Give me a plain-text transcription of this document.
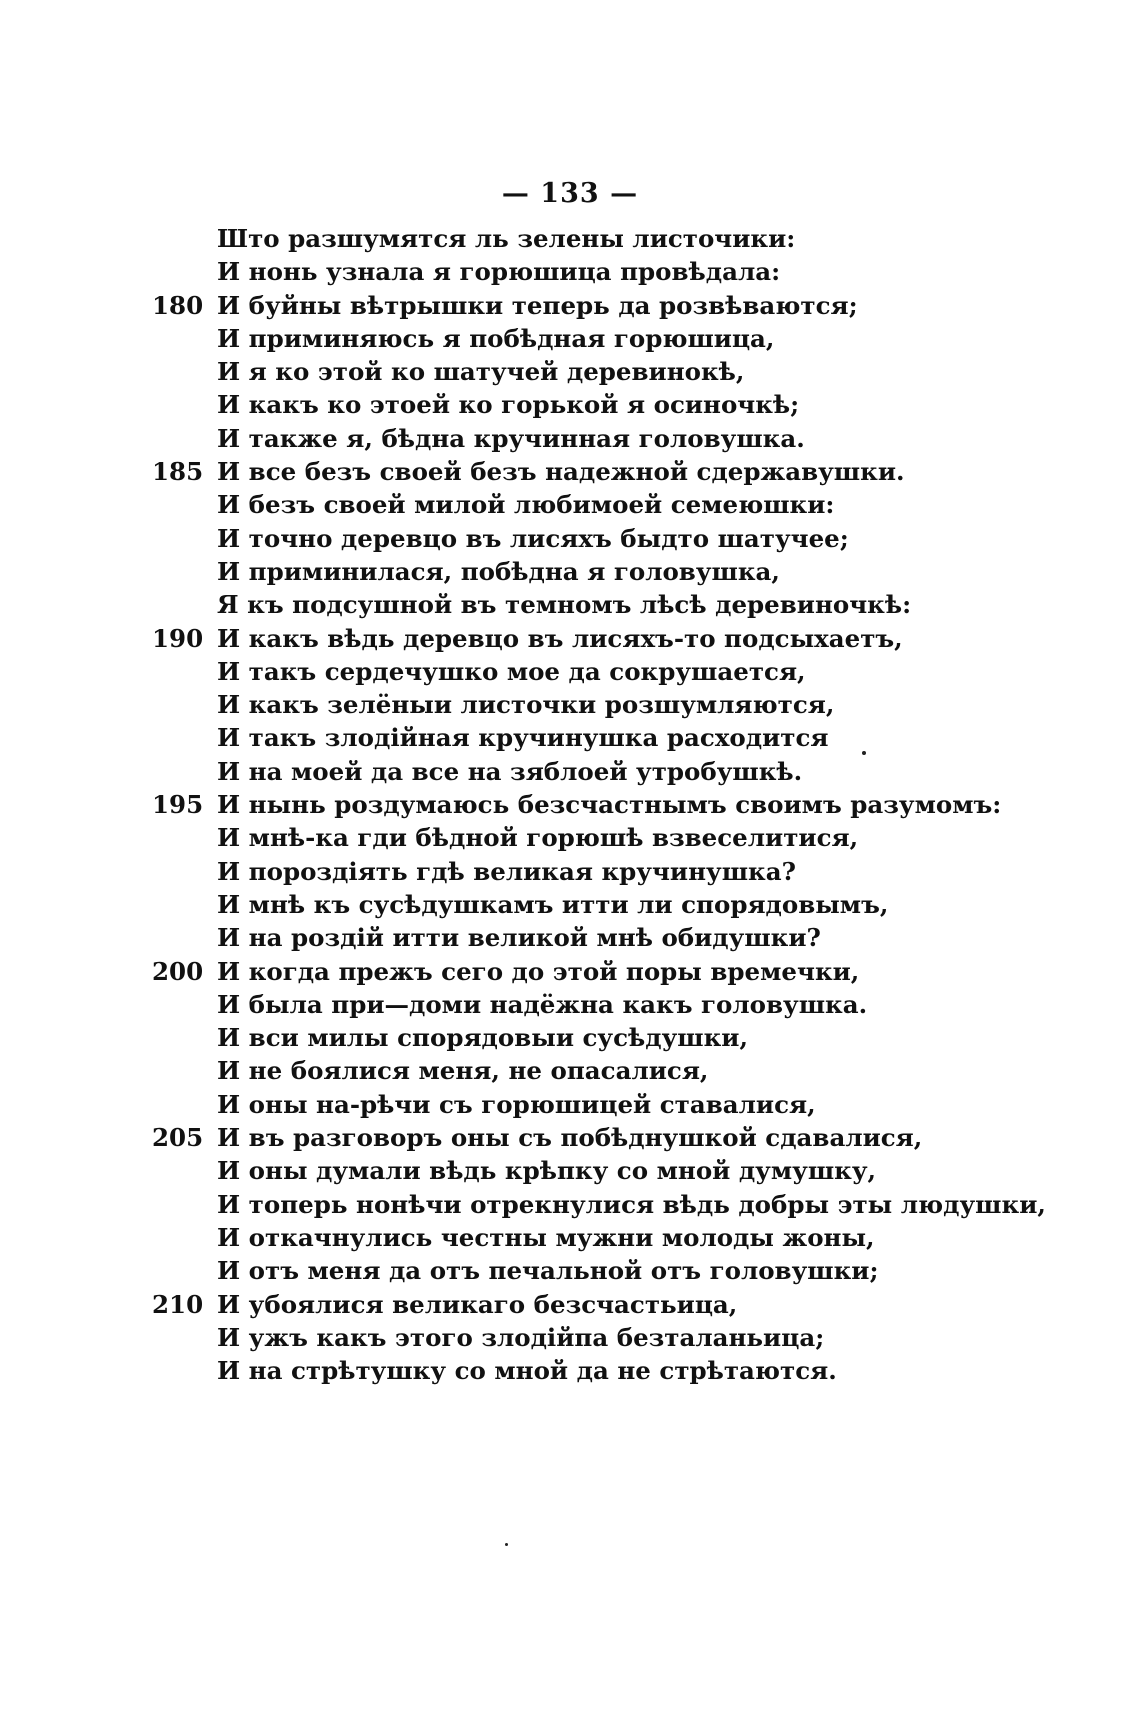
— 133 —
Што разшумятся ль зелены листочики:
И нонь узнала я горюшица провѣдала:
180 И буйны вѣтрышки теперь да розвѣваются;
И приминяюсь я побѣдная горюшица,
И я ко этой ко шатучей деревинокѣ,
И какъ ко этоей ко горькой я осиночкѣ;
И также я, бѣдна кручинная головушка.
185 И все безъ своей безъ надежной сдержавушки.
И безъ своей милой любимоей семеюшки:
И точно деревцо въ лисяхъ быдто шатучее;
И приминилася, побѣдна я головушка,
Я къ подсушной въ темномъ лѣсѣ деревиночкѣ:
190 И какъ вѣдь деревцо въ лисяхъ-то подсыхаетъ,
И такъ сердечушко мое да сокрушается,
И какъ зелёныи листочки розшумляются,
И такъ злодійная кручинушка расходится
И на моей да все на зяблоей утробушкѣ.
195 И нынь роздумаюсь безсчастнымъ своимъ разумомъ:
И мнѣ-ка гди бѣдной горюшѣ взвеселитися,
И пороздіять гдѣ великая кручинушка?
И мнѣ къ сусѣдушкамъ итти ли спорядовымъ,
И на роздій итти великой мнѣ обидушки?
200 И когда прежъ сего до этой поры времечки,
И была при—доми надёжна какъ головушка.
И вси милы спорядовыи сусѣдушки,
И не боялися меня, не опасалися,
И оны на-рѣчи съ горюшицей ставалися,
205 И въ разговоръ оны съ побѣднушкой сдавалися,
И оны думали вѣдь крѣпку со мной думушку,
И топерь нонѣчи отрекнулися вѣдь добры эты людушки,
И откачнулись честны мужни молоды жоны,
И отъ меня да отъ печальной отъ головушки;
210 И убоялися великаго безсчастьица,
И ужъ какъ этого злодійпа безталаньица;
И на стрѣтушку со мной да не стрѣтаются.
